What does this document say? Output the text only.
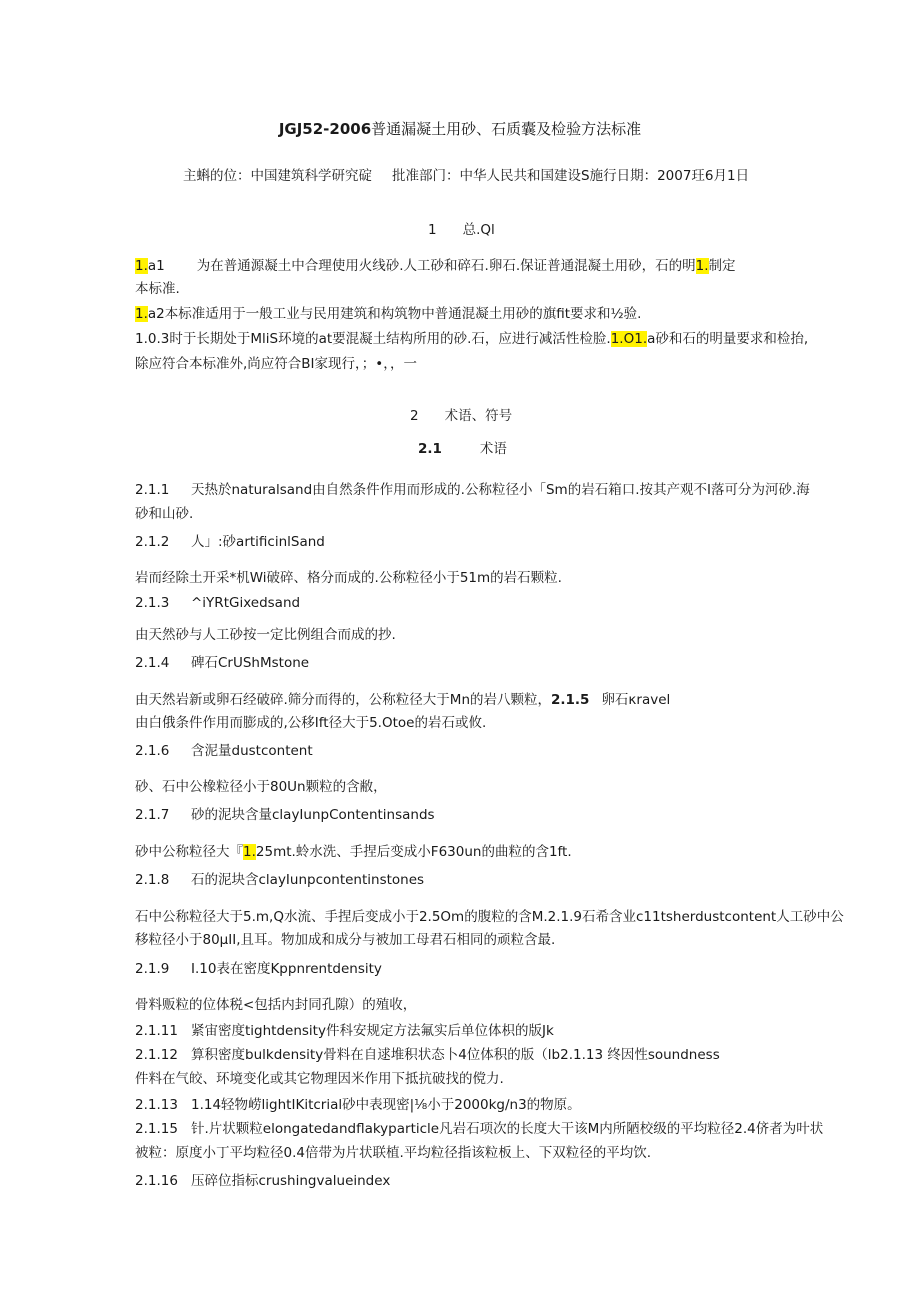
JGJ52-2006普通漏凝土用砂、石质囊及检验方法标准
主蝌的位：中国建筑科学研究碇 批准部门：中华人民共和国建设S施行日期：2007玨6月1日
1 总.Ql
1.a1 为在普通源凝土中合理使用火线砂.人工砂和碎石.卵石.保证普通混凝土用砂，石的明1.制定
本标准.
1.a2本标准适用于一般工业与民用建筑和构筑物中普通混凝土用砂的旗fit要求和½验.
1.0.3时于长期处于MliS环境的at要混凝土结构所用的砂.石，应进行减活性检脸.1.O1.a砂和石的明量要求和检抬,
除应符合本标准外,尚应符合BI家现行，；•，，一
2 术语、符号
2.1	术语
2.1.1 天热於naturalsand由自然条件作用而形成的.公称粒径小「Sm的岩石箱口.按其产观不I落可分为河砂.海
砂和山砂.
2.1.2 人」:砂artificinlSand
岩而经除土开采*机Wi破碎、格分而成的.公称粒径小于51m的岩石颗粒.
2.1.3 ^iYRtGixedsand
由天然砂与人工砂按一定比例组合而成的抄.
2.1.4 碑石CrUShMstone
由天然岩新或卵石经破碎.筛分而得的，公称粒径大于Mn的岩八颗粒，2.1.5 卵石κravel
由白俄条件作用而膨成的,公移Ift径大于5.Otoe的岩石或攸.
2.1.6 含泥量dustcontent
砂、石中公橡粒径小于80Un颗粒的含敝，
2.1.7 砂的泥块含量clayIunpContentinsands
砂中公称粒径大『1.25mt.蛉水洗、手捏后变成小F630un的曲粒的含1ft.
2.1.8 石的泥块含clayIunpcontentinstones
石中公称粒径大于5.m,Q水流、手捏后变成小于2.5Om的腹粒的含M.2.1.9石希含业c11tsherdustcontent人工砂中公
移粒径小于80μII,且耳。物加成和成分与被加工母君石相同的顽粒含最.
2.1.9 I.10表在密度Kppnrentdensity
骨料贩粒的位体税<包括内封同孔隙）的殖收，
2.1.11 紧宙密度tightdensity件科安规定方法氟实后单位体枳的版Jk
2.1.12 算积密度bulkdensity骨料在自逑堆积状态卜4位体积的版（lb2.1.13 终因性soundness
件料在气皎、环境变化或其它物理因米作用下抵抗破找的傥力.
2.1.13 1.14轻物崂lightIKitcrial砂中表现密|⅛小于2000kg∕n3的物原。
2.1.15 针.片状颗粒elongatedandflakyparticle凡岩石项次的长度大干该M内所陋校级的平均粒径2.4侪者为叶状
被粒：原度小丁平均粒径0.4倍带为片状联植.平均粒径指该粒板上、下双粒径的平均饮.
2.1.16 压碎位指标crushingvalueindex
